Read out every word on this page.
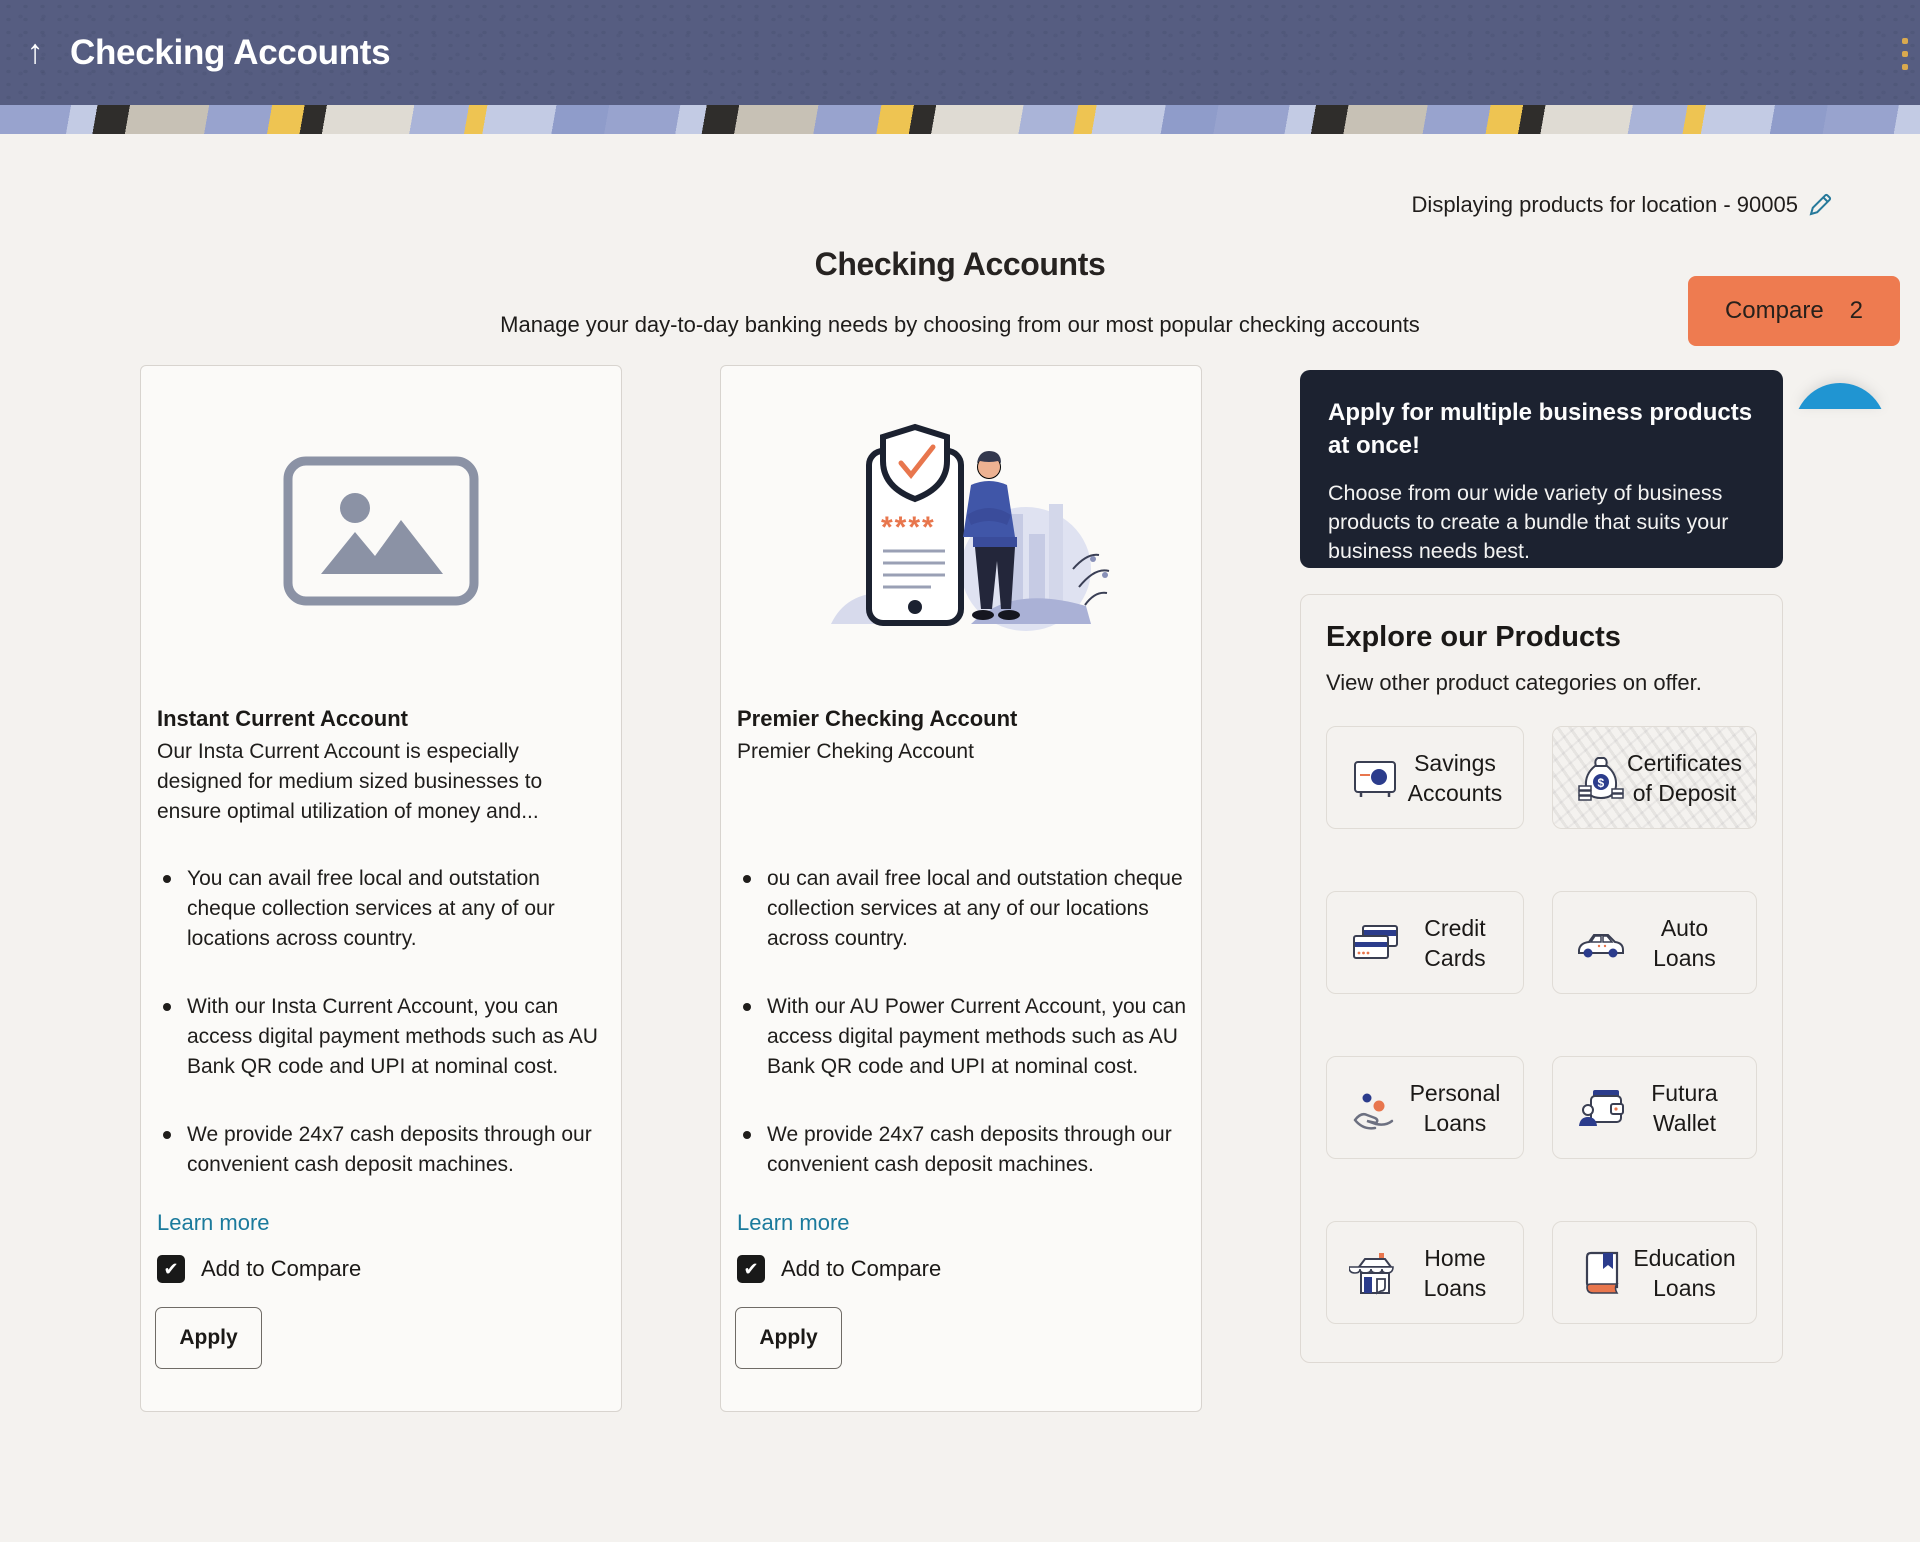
↑ Checking Accounts
Displaying products for location - 90005
Checking Accounts
Manage your day-to-day banking needs by choosing from our most popular checking accounts
Compare 2
Instant Current Account
Our Insta Current Account is especially designed for medium sized businesses to ensure optimal utilization of money and...
You can avail free local and outstation cheque collection services at any of our locations across country.
With our Insta Current Account, you can access digital payment methods such as AU Bank QR code and UPI at nominal cost.
We provide 24x7 cash deposits through our convenient cash deposit machines.
Learn more
✔ Add to Compare
Apply
****
Premier Checking Account
Premier Cheking Account
ou can avail free local and outstation cheque collection services at any of our locations across country.
With our AU Power Current Account, you can access digital payment methods such as AU Bank QR code and UPI at nominal cost.
We provide 24x7 cash deposits through our convenient cash deposit machines.
Learn more
✔ Add to Compare
Apply
Apply for multiple business products at once!
Choose from our wide variety of business products to create a bundle that suits your business needs best.
Explore our Products
View other product categories on offer.
Savings Accounts	$
Certificates of Deposit
Credit Cards
Auto Loans
Personal Loans
Futura Wallet
Home Loans
Education Loans
